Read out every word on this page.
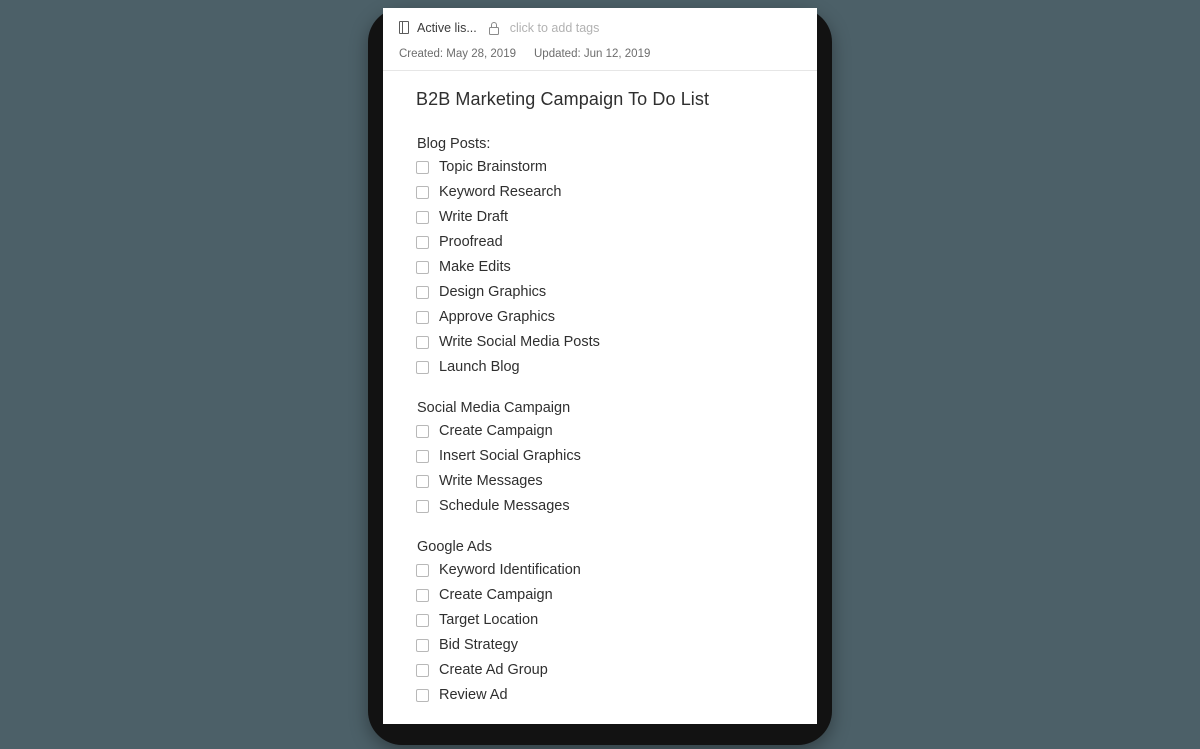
Active lis...	click to add tags
Created: May 28, 2019 Updated: Jun 12, 2019
B2B Marketing Campaign To Do List

Blog Posts:

Topic Brainstorm
Keyword Research
Write Draft
Proofread
Make Edits
Design Graphics
Approve Graphics
Write Social Media Posts
Launch Blog

Social Media Campaign

Create Campaign
Insert Social Graphics
Write Messages
Schedule Messages

Google Ads

Keyword Identification
Create Campaign
Target Location
Bid Strategy
Create Ad Group
Review Ad
